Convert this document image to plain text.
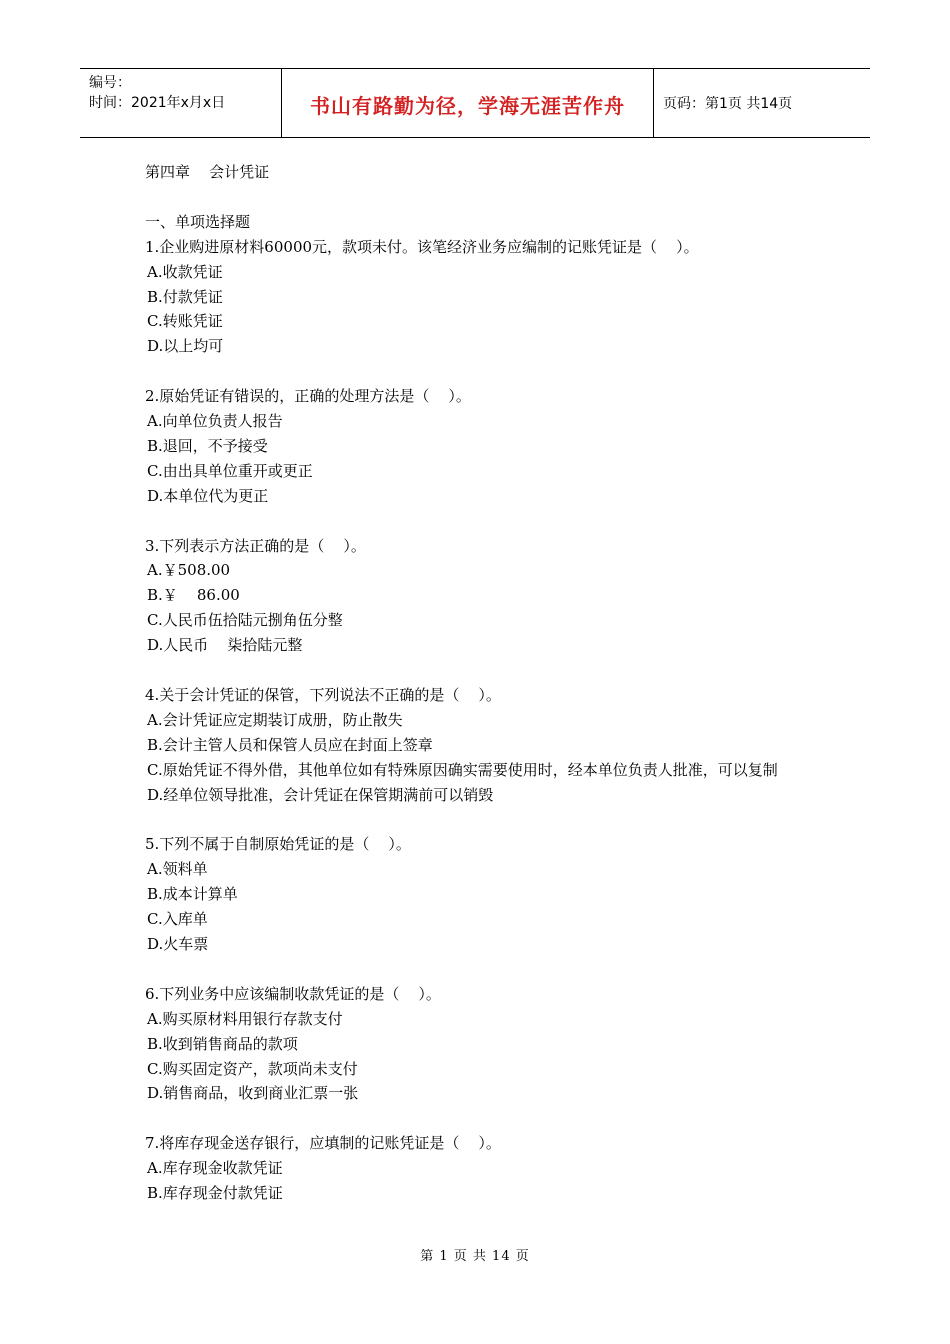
编号：
时间：2021年x月x日	书山有路勤为径，学海无涯苦作舟	页码：第1页 共14页
第四章    会计凭证
一、单项选择题
1.企业购进原材料60000元，款项未付。该笔经济业务应编制的记账凭证是（    ）。
A.收款凭证
B.付款凭证
C.转账凭证
D.以上均可
2.原始凭证有错误的，正确的处理方法是（    ）。
A.向单位负责人报告
B.退回，不予接受
C.由出具单位重开或更正
D.本单位代为更正
3.下列表示方法正确的是（    ）。
A.￥508.00
B.￥    86.00
C.人民币伍拾陆元捌角伍分整
D.人民币    柒拾陆元整
4.关于会计凭证的保管，下列说法不正确的是（    ）。
A.会计凭证应定期装订成册，防止散失
B.会计主管人员和保管人员应在封面上签章
C.原始凭证不得外借，其他单位如有特殊原因确实需要使用时，经本单位负责人批准，可以复制
D.经单位领导批准，会计凭证在保管期满前可以销毁
5.下列不属于自制原始凭证的是（    ）。
A.领料单
B.成本计算单
C.入库单
D.火车票
6.下列业务中应该编制收款凭证的是（    ）。
A.购买原材料用银行存款支付
B.收到销售商品的款项
C.购买固定资产，款项尚未支付
D.销售商品，收到商业汇票一张
7.将库存现金送存银行，应填制的记账凭证是（    ）。
A.库存现金收款凭证
B.库存现金付款凭证
第 1 页 共 14 页
